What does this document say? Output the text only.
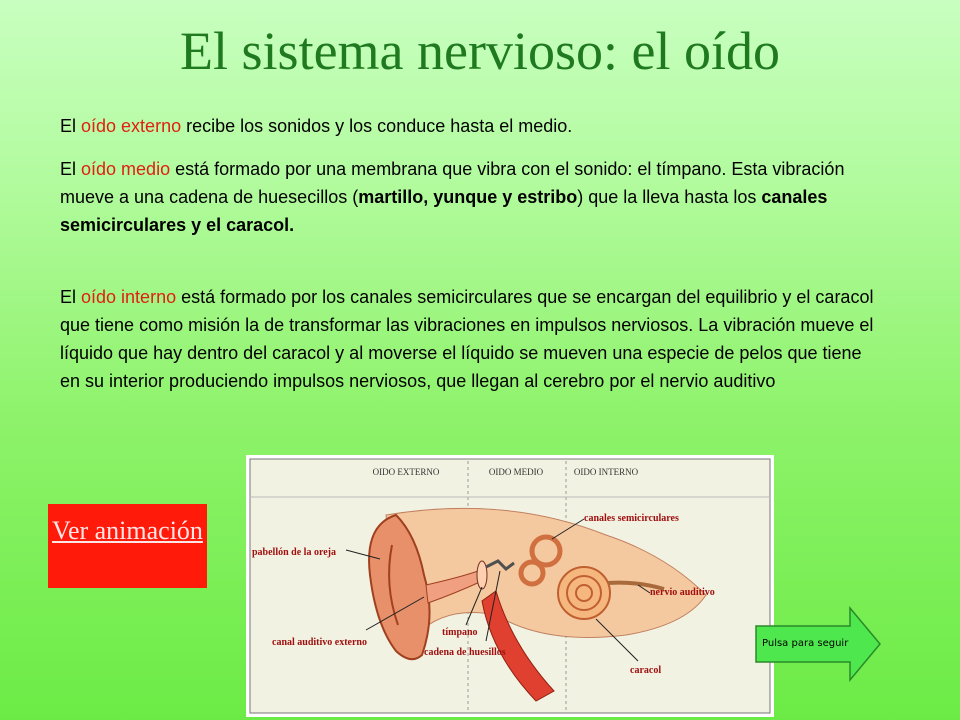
El sistema nervioso: el oído

El oído externo recibe los sonidos y los conduce hasta el medio.

El oído medio está formado por una membrana que vibra con el sonido: el tímpano. Esta vibración mueve a una cadena de huesecillos (martillo, yunque y estribo) que la lleva hasta los canales semicirculares y el caracol.

El oído interno está formado por los canales semicirculares que se encargan del equilibrio y el caracol que tiene como misión la de transformar las vibraciones en impulsos nerviosos. La vibración mueve el líquido que hay dentro del caracol y al moverse el líquido se mueven una especie de pelos que tiene en su interior produciendo impulsos nerviosos, que llegan al cerebro por el nervio auditivo

Ver animación
OIDO EXTERNO	OIDO MEDIO	OIDO INTERNO
pabellón de la oreja
canal auditivo externo
tímpano
cadena de huesillos
canales semicirculares
nervio auditivo
caracol
Pulsa para seguir
